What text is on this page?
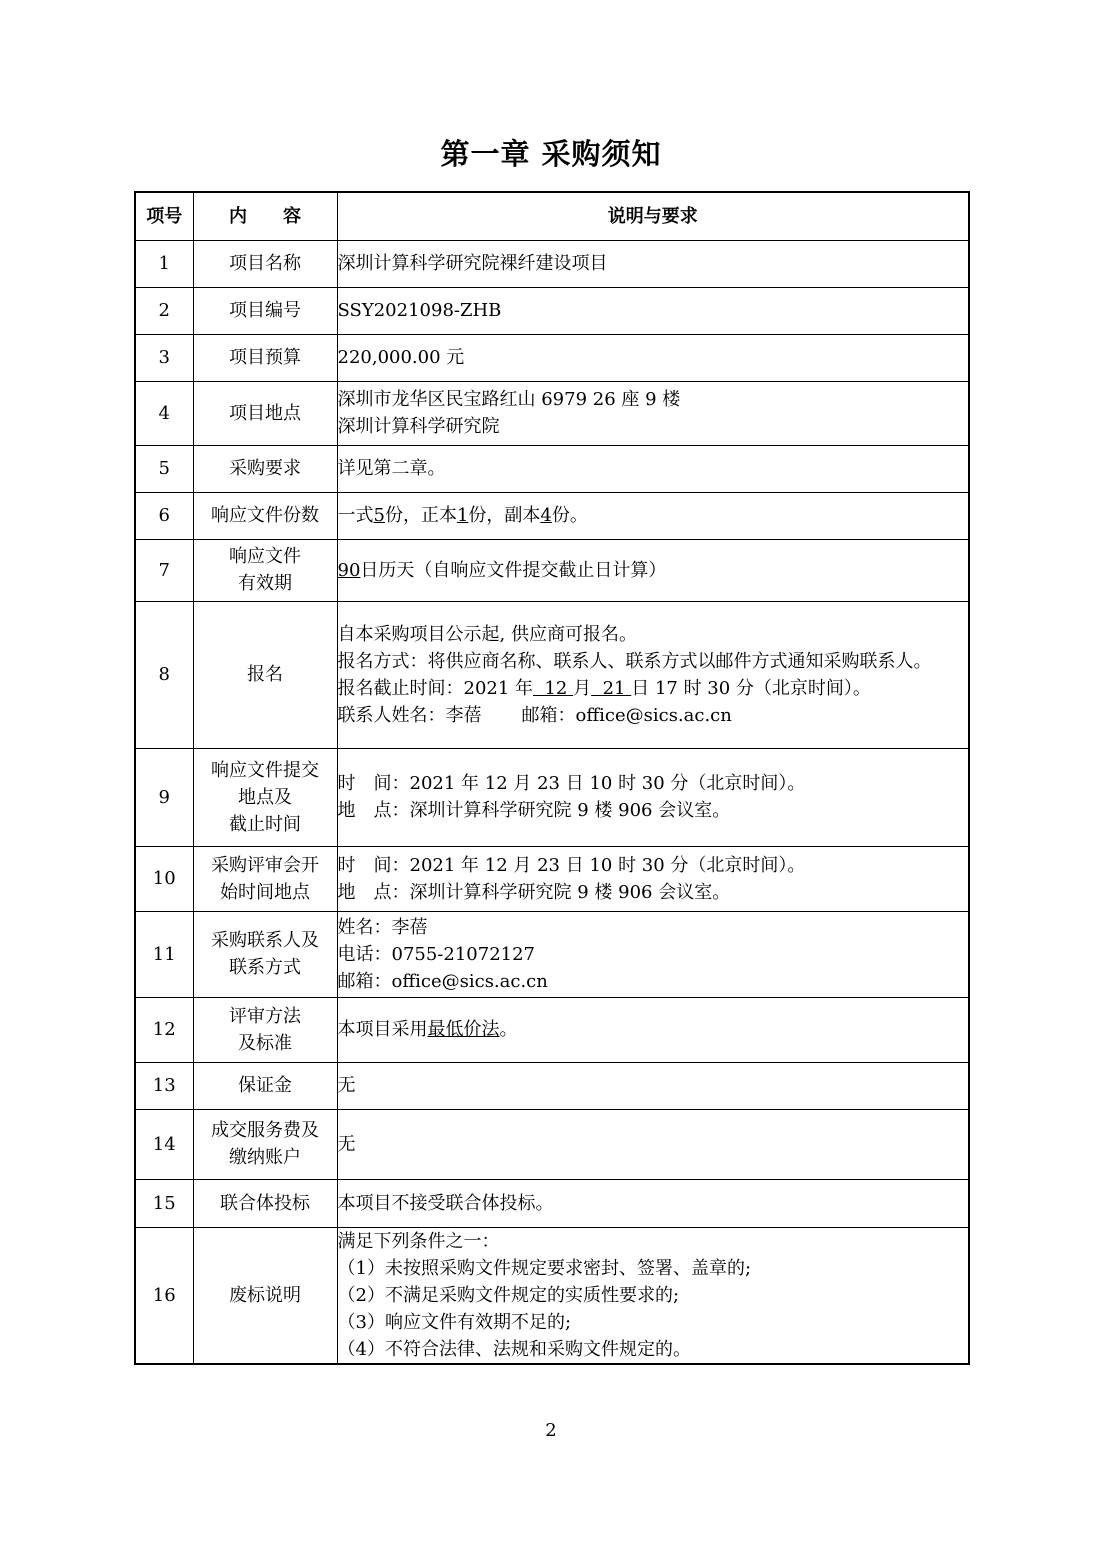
第一章 采购须知
项号	内　　容	说明与要求
1	项目名称	深圳计算科学研究院裸纤建设项目
2	项目编号	SSY2021098-ZHB
3	项目预算	220,000.00 元
4	项目地点	深圳市龙华区民宝路红山 6979 26 座 9 楼
深圳计算科学研究院

5	采购要求	详见第二章。
6	响应文件份数	一式5份，正本1份，副本4份。
7	响应文件
有效期	90日历天（自响应文件提交截止日计算）
8	报名	自本采购项目公示起, 供应商可报名。
报名方式：将供应商名称、联系人、联系方式以邮件方式通知采购联系人。
报名截止时间：2021 年 12 月 21 日 17 时 30 分（北京时间）。
联系人姓名：李蓓 邮箱：office@sics.ac.cn

9	响应文件提交
地点及
截止时间	时　间：2021 年 12 月 23 日 10 时 30 分（北京时间）。
地　点：深圳计算科学研究院 9 楼 906 会议室。

10	采购评审会开
始时间地点	时　间：2021 年 12 月 23 日 10 时 30 分（北京时间）。
地　点：深圳计算科学研究院 9 楼 906 会议室。

11	采购联系人及
联系方式	姓名：李蓓
电话：0755-21072127
邮箱：office@sics.ac.cn

12	评审方法
及标准	本项目采用最低价法。
13	保证金	无
14	成交服务费及
缴纳账户	无
15	联合体投标	本项目不接受联合体投标。
16	废标说明	满足下列条件之一：
（1）未按照采购文件规定要求密封、签署、盖章的;
（2）不满足采购文件规定的实质性要求的;
（3）响应文件有效期不足的;
（4）不符合法律、法规和采购文件规定的。
2
